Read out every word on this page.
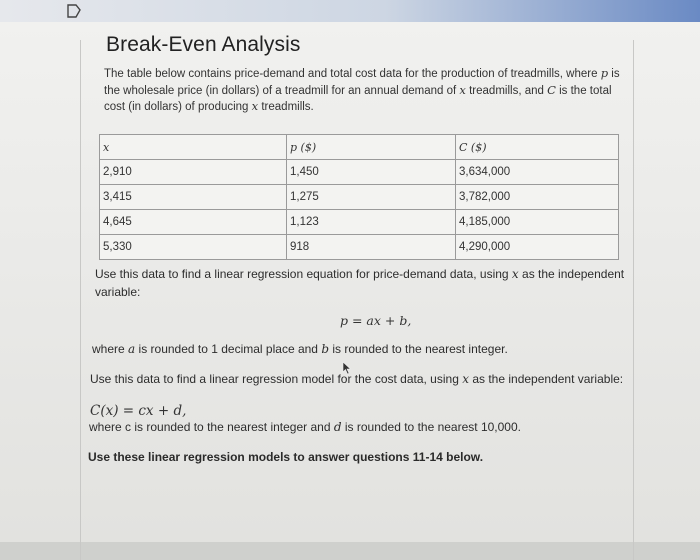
Break-Even Analysis
The table below contains price-demand and total cost data for the production of treadmills, where p is the wholesale price (in dollars) of a treadmill for an annual demand of x treadmills, and C is the total cost (in dollars) of producing x treadmills.
x	p ($)	C ($)
2,910	1,450	3,634,000
3,415	1,275	3,782,000
4,645	1,123	4,185,000
5,330	918	4,290,000
Use this data to find a linear regression equation for price-demand data, using x as the independent variable:
p = ax + b,
where a is rounded to 1 decimal place and b is rounded to the nearest integer.
Use this data to find a linear regression model for the cost data, using x as the independent variable:
C(x) = cx + d,
where c is rounded to the nearest integer and d is rounded to the nearest 10,000.
Use these linear regression models to answer questions 11-14 below.
